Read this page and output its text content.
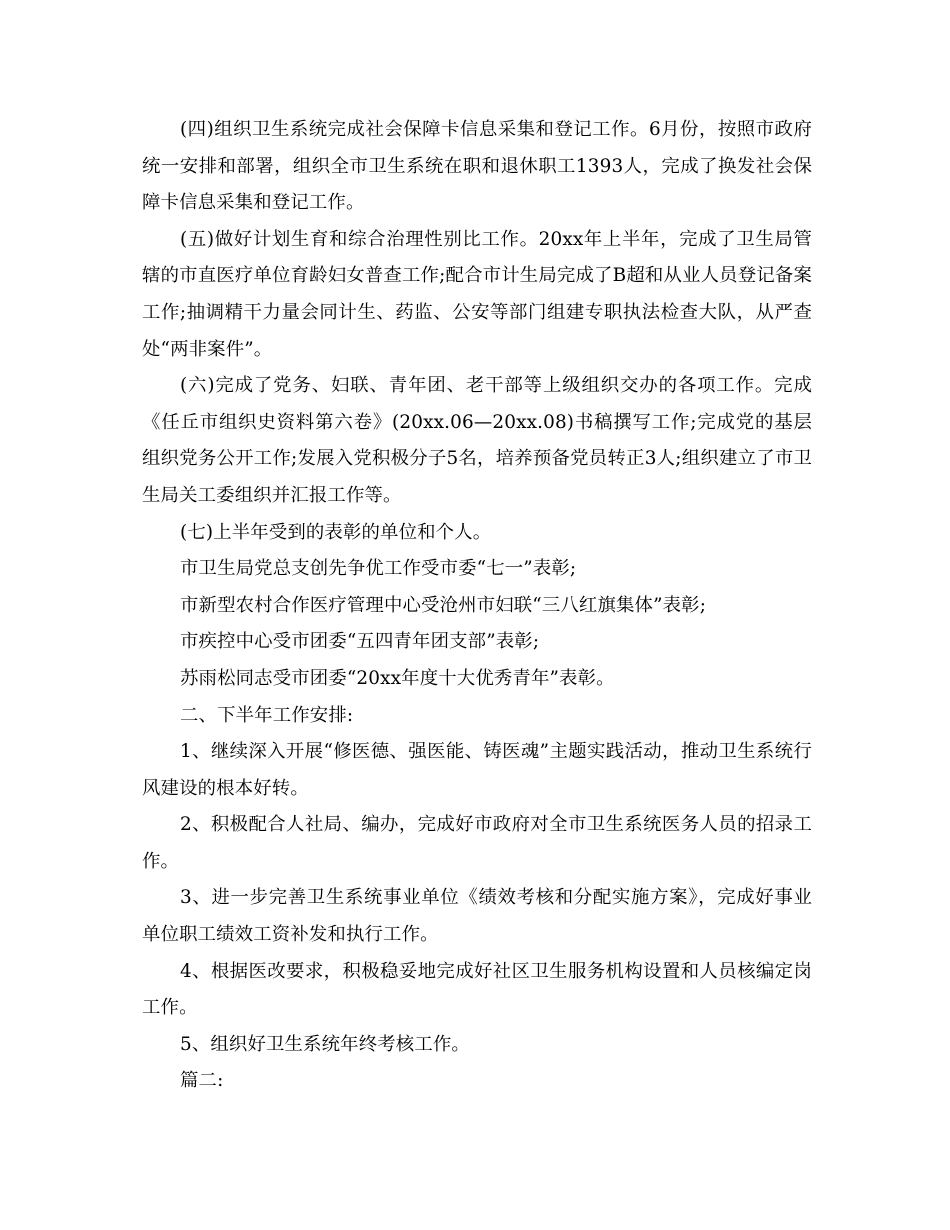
(四)组织卫生系统完成社会保障卡信息采集和登记工作。6月份，按照市政府统一安排和部署，组织全市卫生系统在职和退休职工1393人，完成了换发社会保障卡信息采集和登记工作。

(五)做好计划生育和综合治理性别比工作。20xx年上半年，完成了卫生局管辖的市直医疗单位育龄妇女普查工作;配合市计生局完成了B超和从业人员登记备案工作;抽调精干力量会同计生、药监、公安等部门组建专职执法检查大队，从严查处“两非案件”。

(六)完成了党务、妇联、青年团、老干部等上级组织交办的各项工作。完成《任丘市组织史资料第六卷》(20xx.06—20xx.08)书稿撰写工作;完成党的基层组织党务公开工作;发展入党积极分子5名，培养预备党员转正3人;组织建立了市卫生局关工委组织并汇报工作等。

(七)上半年受到的表彰的单位和个人。

市卫生局党总支创先争优工作受市委“七一”表彰;

市新型农村合作医疗管理中心受沧州市妇联“三八红旗集体”表彰;

市疾控中心受市团委“五四青年团支部”表彰;

苏雨松同志受市团委“20xx年度十大优秀青年”表彰。

二、下半年工作安排:

1、继续深入开展“修医德、强医能、铸医魂”主题实践活动，推动卫生系统行风建设的根本好转。

2、积极配合人社局、编办，完成好市政府对全市卫生系统医务人员的招录工作。

3、进一步完善卫生系统事业单位《绩效考核和分配实施方案》，完成好事业单位职工绩效工资补发和执行工作。

4、根据医改要求，积极稳妥地完成好社区卫生服务机构设置和人员核编定岗工作。

5、组织好卫生系统年终考核工作。

篇二:
